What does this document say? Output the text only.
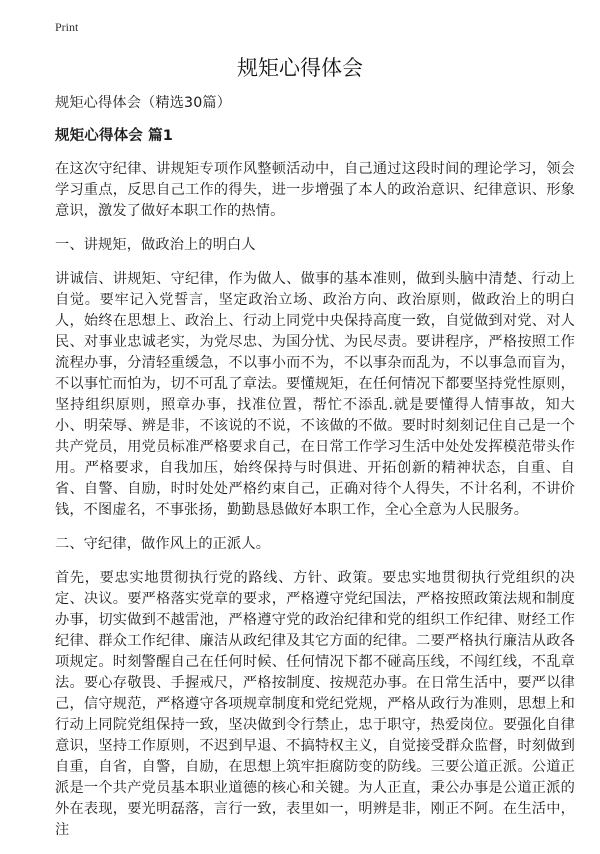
Print
规矩心得体会

规矩心得体会（精选30篇）

规矩心得体会 篇1

在这次守纪律、讲规矩专项作风整顿活动中，自己通过这段时间的理论学习，领会学习重点，反思自己工作的得失，进一步增强了本人的政治意识、纪律意识、形象意识，激发了做好本职工作的热情。

一、讲规矩，做政治上的明白人

讲诚信、讲规矩、守纪律，作为做人、做事的基本准则，做到头脑中清楚、行动上自觉。要牢记入党誓言，坚定政治立场、政治方向、政治原则，做政治上的明白人，始终在思想上、政治上、行动上同党中央保持高度一致，自觉做到对党、对人民、对事业忠诚老实，为党尽忠、为国分忧、为民尽责。要讲程序，严格按照工作流程办事，分清轻重缓急，不以事小而不为，不以事杂而乱为，不以事急而盲为，不以事忙而怕为，切不可乱了章法。要懂规矩，在任何情况下都要坚持党性原则，坚持组织原则，照章办事，找准位置，帮忙不添乱.就是要懂得人情事故，知大小、明荣辱、辨是非，不该说的不说，不该做的不做。要时时刻刻记住自己是一个共产党员，用党员标准严格要求自己，在日常工作学习生活中处处发挥模范带头作用。严格要求，自我加压，始终保持与时俱进、开拓创新的精神状态，自重、自省、自警、自励，时时处处严格约束自己，正确对待个人得失，不计名利，不讲价钱，不图虚名，不事张扬，勤勤恳恳做好本职工作，全心全意为人民服务。

二、守纪律，做作风上的正派人。

首先，要忠实地贯彻执行党的路线、方针、政策。要忠实地贯彻执行党组织的决定、决议。要严格落实党章的要求，严格遵守党纪国法，严格按照政策法规和制度办事，切实做到不越雷池，严格遵守党的政治纪律和党的组织工作纪律、财经工作纪律、群众工作纪律、廉洁从政纪律及其它方面的纪律。二要严格执行廉洁从政各项规定。时刻警醒自己在任何时候、任何情况下都不碰高压线，不闯红线，不乱章法。要心存敬畏、手握戒尺，严格按制度、按规范办事。在日常生活中，要严以律己，信守规范，严格遵守各项规章制度和党纪党规，严格从政行为准则，思想上和行动上同院党组保持一致，坚决做到令行禁止，忠于职守，热爱岗位。要强化自律意识，坚持工作原则，不迟到早退、不搞特权主义，自觉接受群众监督，时刻做到自重，自省，自警，自励，在思想上筑牢拒腐防变的防线。三要公道正派。公道正派是一个共产党员基本职业道德的核心和关键。为人正直，秉公办事是公道正派的外在表现，要光明磊落，言行一致，表里如一，明辨是非，刚正不阿。在生活中，注
